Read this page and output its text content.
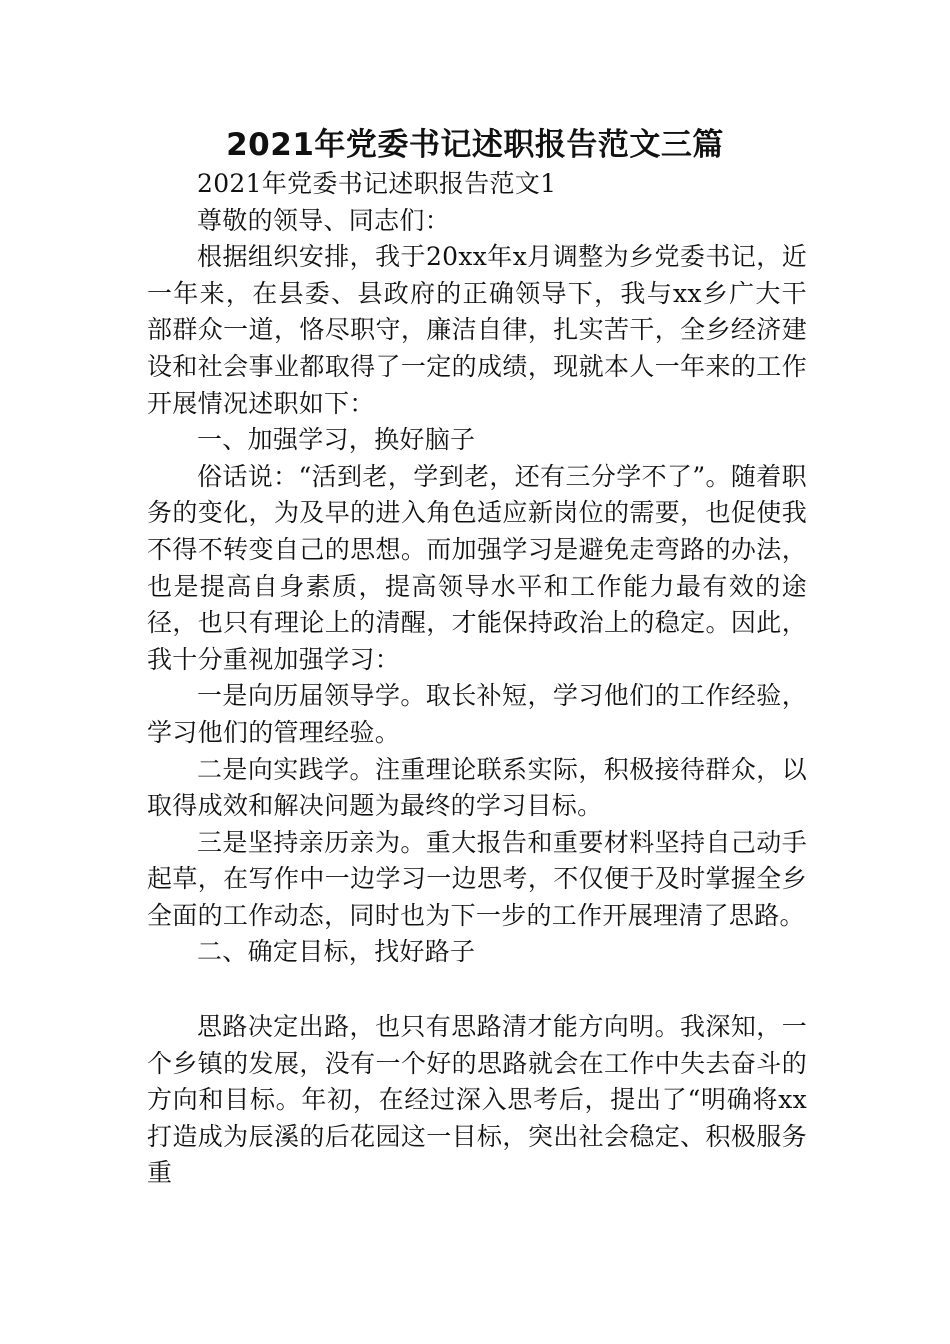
2021年党委书记述职报告范文三篇

2021年党委书记述职报告范文1

尊敬的领导、同志们：

根据组织安排，我于20xx年x月调整为乡党委书记，近一年来，在县委、县政府的正确领导下，我与xx乡广大干部群众一道，恪尽职守，廉洁自律，扎实苦干，全乡经济建设和社会事业都取得了一定的成绩，现就本人一年来的工作开展情况述职如下：

一、加强学习，换好脑子

俗话说：“活到老，学到老，还有三分学不了”。随着职务的变化，为及早的进入角色适应新岗位的需要，也促使我不得不转变自己的思想。而加强学习是避免走弯路的办法，也是提高自身素质，提高领导水平和工作能力最有效的途径，也只有理论上的清醒，才能保持政治上的稳定。因此，我十分重视加强学习：

一是向历届领导学。取长补短，学习他们的工作经验，学习他们的管理经验。

二是向实践学。注重理论联系实际，积极接待群众，以取得成效和解决问题为最终的学习目标。

三是坚持亲历亲为。重大报告和重要材料坚持自己动手起草，在写作中一边学习一边思考，不仅便于及时掌握全乡全面的工作动态，同时也为下一步的工作开展理清了思路。

二、确定目标，找好路子

思路决定出路，也只有思路清才能方向明。我深知，一个乡镇的发展，没有一个好的思路就会在工作中失去奋斗的方向和目标。年初，在经过深入思考后，提出了“明确将xx打造成为辰溪的后花园这一目标，突出社会稳定、积极服务重
